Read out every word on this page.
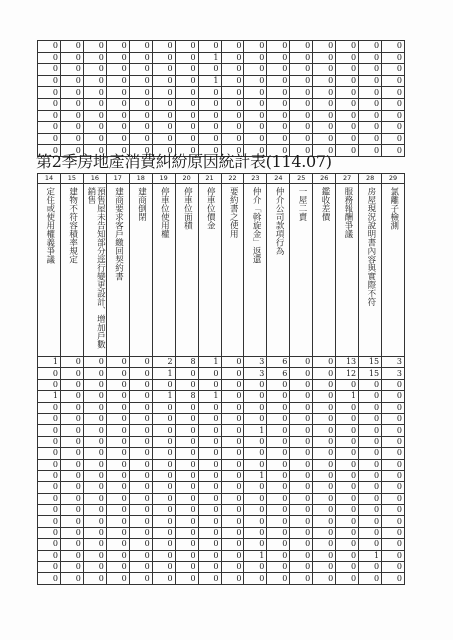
0	0	0	0	0	0	0	0	0	0	0	0	0	0	0	0
0	0	0	0	0	0	0	1	0	0	0	0	0	0	0	0
0	0	0	0	0	0	0	0	0	0	0	0	0	0	0	0
0	0	0	0	0	0	0	1	0	0	0	0	0	0	0	0
0	0	0	0	0	0	0	0	0	0	0	0	0	0	0	0
0	0	0	0	0	0	0	0	0	0	0	0	0	0	0	0
0	0	0	0	0	0	0	0	0	0	0	0	0	0	0	0
0	0	0	0	0	0	0	0	0	0	0	0	0	0	0	0
0	0	0	0	0	0	0	0	0	0	0	0	0	0	0	0
0	0	0	0	0	0	0	0	0	0	0	0	0	0	0	0
第2季房地產消費糾紛原因統計表(114.07)
14	15	16	17	18	19	20	21	22	23	24	25	26	27	28	29

定住或使用權義爭議	建物不符容積率規定	預售屋未告知部分逕行變更設計、增加戶數銷售	建商要求客戶繳回契約書	建商倒閉	停車位使用權	停車位面積	停車位價金	要約書之使用	仲介「斡旋金」返還	仲介公司款項行為	一屋二賣	鑑收差價	服務報酬爭議	房屋現況說明書內容與實際不符	氯離子檢測

1	0	0	0	0	2	8	1	0	3	6	0	0	13	15	3
0	0	0	0	0	1	0	0	0	3	6	0	0	12	15	3
0	0	0	0	0	0	0	0	0	0	0	0	0	0	0	0
1	0	0	0	0	1	8	1	0	0	0	0	0	1	0	0
0	0	0	0	0	0	0	0	0	0	0	0	0	0	0	0
0	0	0	0	0	0	0	0	0	0	0	0	0	0	0	0
0	0	0	0	0	0	0	0	0	1	0	0	0	0	0	0
0	0	0	0	0	0	0	0	0	0	0	0	0	0	0	0
0	0	0	0	0	0	0	0	0	0	0	0	0	0	0	0
0	0	0	0	0	0	0	0	0	0	0	0	0	0	0	0
0	0	0	0	0	0	0	0	0	1	0	0	0	0	0	0
0	0	0	0	0	0	0	0	0	0	0	0	0	0	0	0
0	0	0	0	0	0	0	0	0	0	0	0	0	0	0	0
0	0	0	0	0	0	0	0	0	0	0	0	0	0	0	0
0	0	0	0	0	0	0	0	0	0	0	0	0	0	0	0
0	0	0	0	0	0	0	0	0	0	0	0	0	0	0	0
0	0	0	0	0	0	0	0	0	0	0	0	0	0	0	0
0	0	0	0	0	0	0	0	0	1	0	0	0	0	1	0
0	0	0	0	0	0	0	0	0	0	0	0	0	0	0	0
0	0	0	0	0	0	0	0	0	0	0	0	0	0	0	0
